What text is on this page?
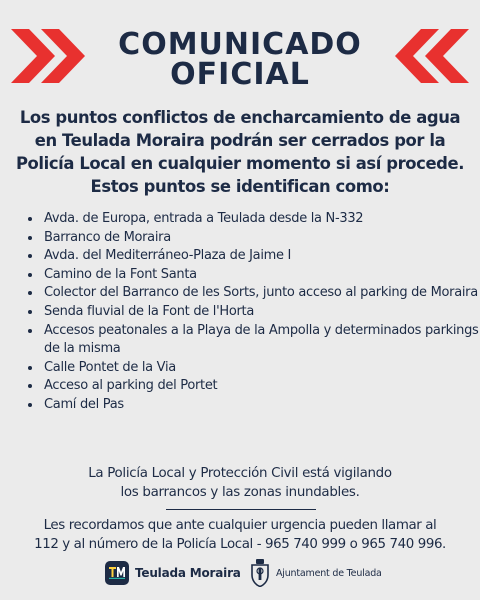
COMUNICADO
OFICIAL
Los puntos conflictos de encharcamiento de agua
en Teulada Moraira podrán ser cerrados por la
Policía Local en cualquier momento si así procede.
Estos puntos se identifican como:
• Avda. de Europa, entrada a Teulada desde la N-332
• Barranco de Moraira
• Avda. del Mediterráneo-Plaza de Jaime I
• Camino de la Font Santa
• Colector del Barranco de les Sorts, junto acceso al parking de Moraira
• Senda fluvial de la Font de l'Horta
• Accesos peatonales a la Playa de la Ampolla y determinados parkings de la misma
• Calle Pontet de la Via
• Acceso al parking del Portet
• Camí del Pas
La Policía Local y Protección Civil está vigilando
los barrancos y las zonas inundables.
Les recordamos que ante cualquier urgencia pueden llamar al
112 y al número de la Policía Local - 965 740 999 o 965 740 996.
Teulada Moraira	Ajuntament de Teulada
